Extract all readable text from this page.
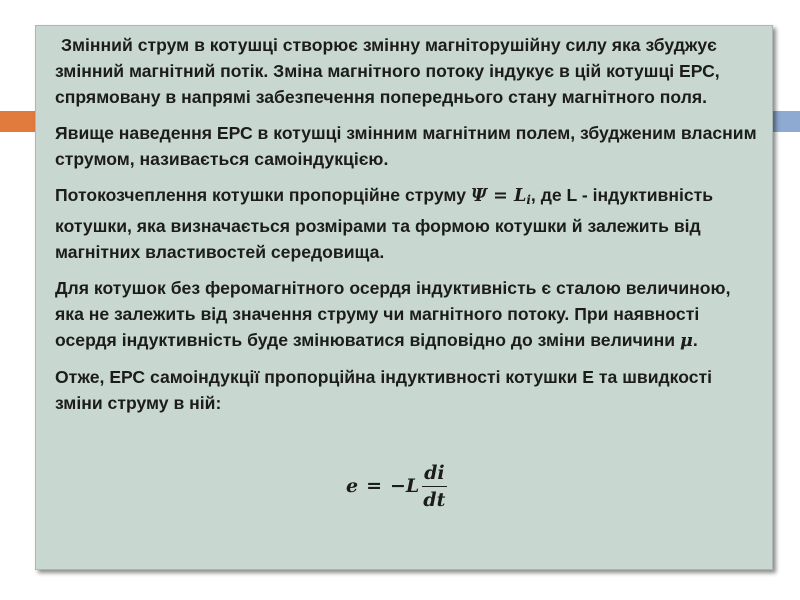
Змінний струм в котушці створює змінну магніторушійну силу яка збуджує змінний магнітний потік. Зміна магнітного потоку індукує в цій котушці ЕРС, спрямовану в напрямі забезпечення попереднього стану магнітного поля.

Явище наведення ЕРС в котушці змінним магнітним полем, збудженим власним струмом, називається самоіндукцією.

Потокозчеплення котушки пропорційне струму $\Psi = L_i$, де L - індуктивність котушки, яка визначається розмірами та формою котушки й залежить від магнітних властивостей середовища.

Для котушок без феромагнітного осердя індуктивність є сталою величиною, яка не залежить від значення струму чи магнітного потоку. При наявності осердя індуктивність буде змінюватися відповідно до зміни величини μ.

Отже, ЕРС самоіндукції пропорційна індуктивності котушки Е та швидкості зміни струму в ній:

$e = -L \frac{di}{dt}$
